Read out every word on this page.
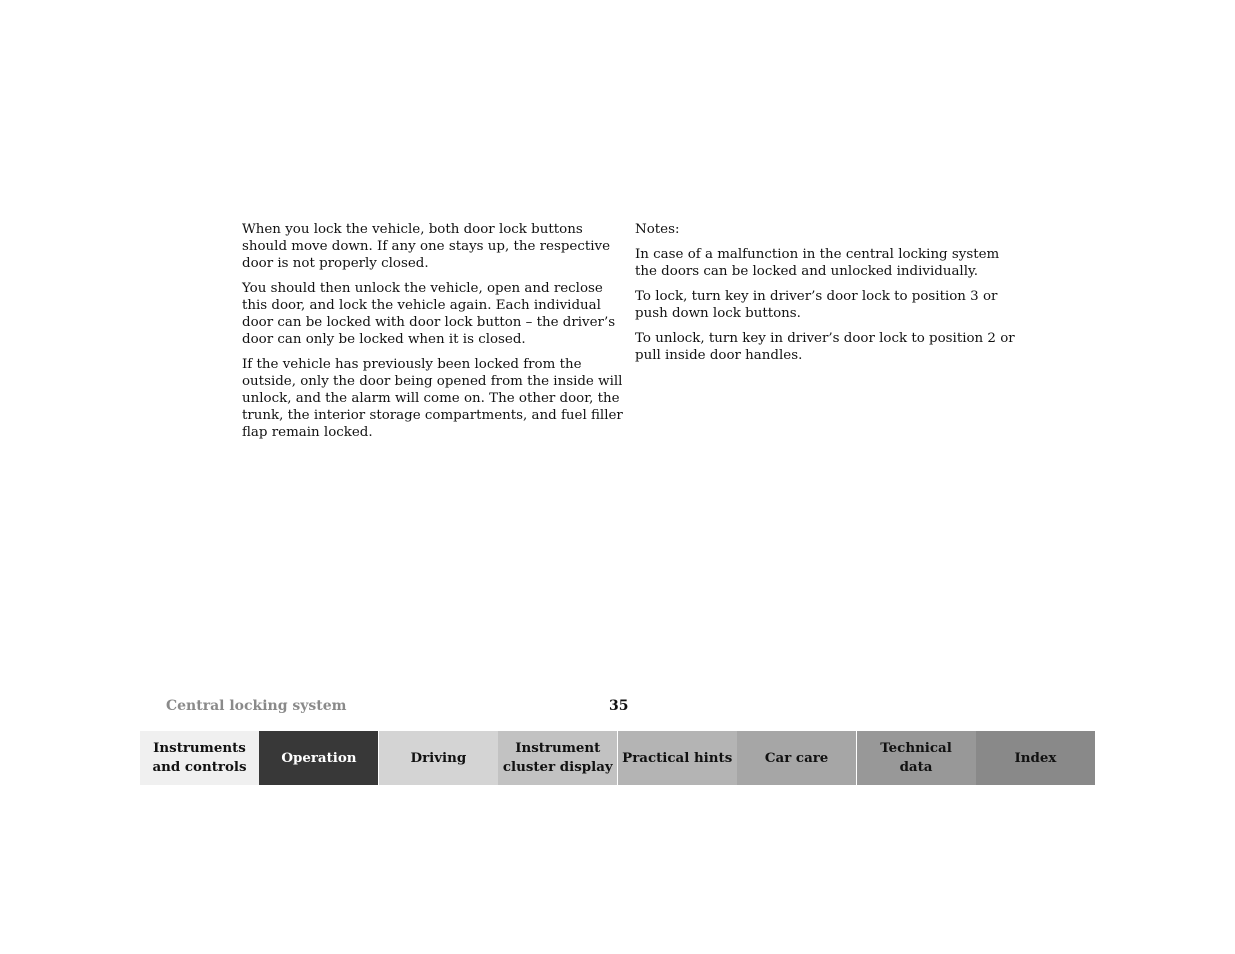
When you lock the vehicle, both door lock buttons
should move down. If any one stays up, the respective
door is not properly closed.

You should then unlock the vehicle, open and reclose
this door, and lock the vehicle again. Each individual
door can be locked with door lock button – the driver’s
door can only be locked when it is closed.

If the vehicle has previously been locked from the
outside, only the door being opened from the inside will
unlock, and the alarm will come on. The other door, the
trunk, the interior storage compartments, and fuel filler
flap remain locked.

Notes:

In case of a malfunction in the central locking system
the doors can be locked and unlocked individually.

To lock, turn key in driver’s door lock to position 3 or
push down lock buttons.

To unlock, turn key in driver’s door lock to position 2 or
pull inside door handles.

Central locking system	35
Instruments
and controls
Operation	Driving
Instrument
cluster display
Practical hints Car care
Technical
data
Index
